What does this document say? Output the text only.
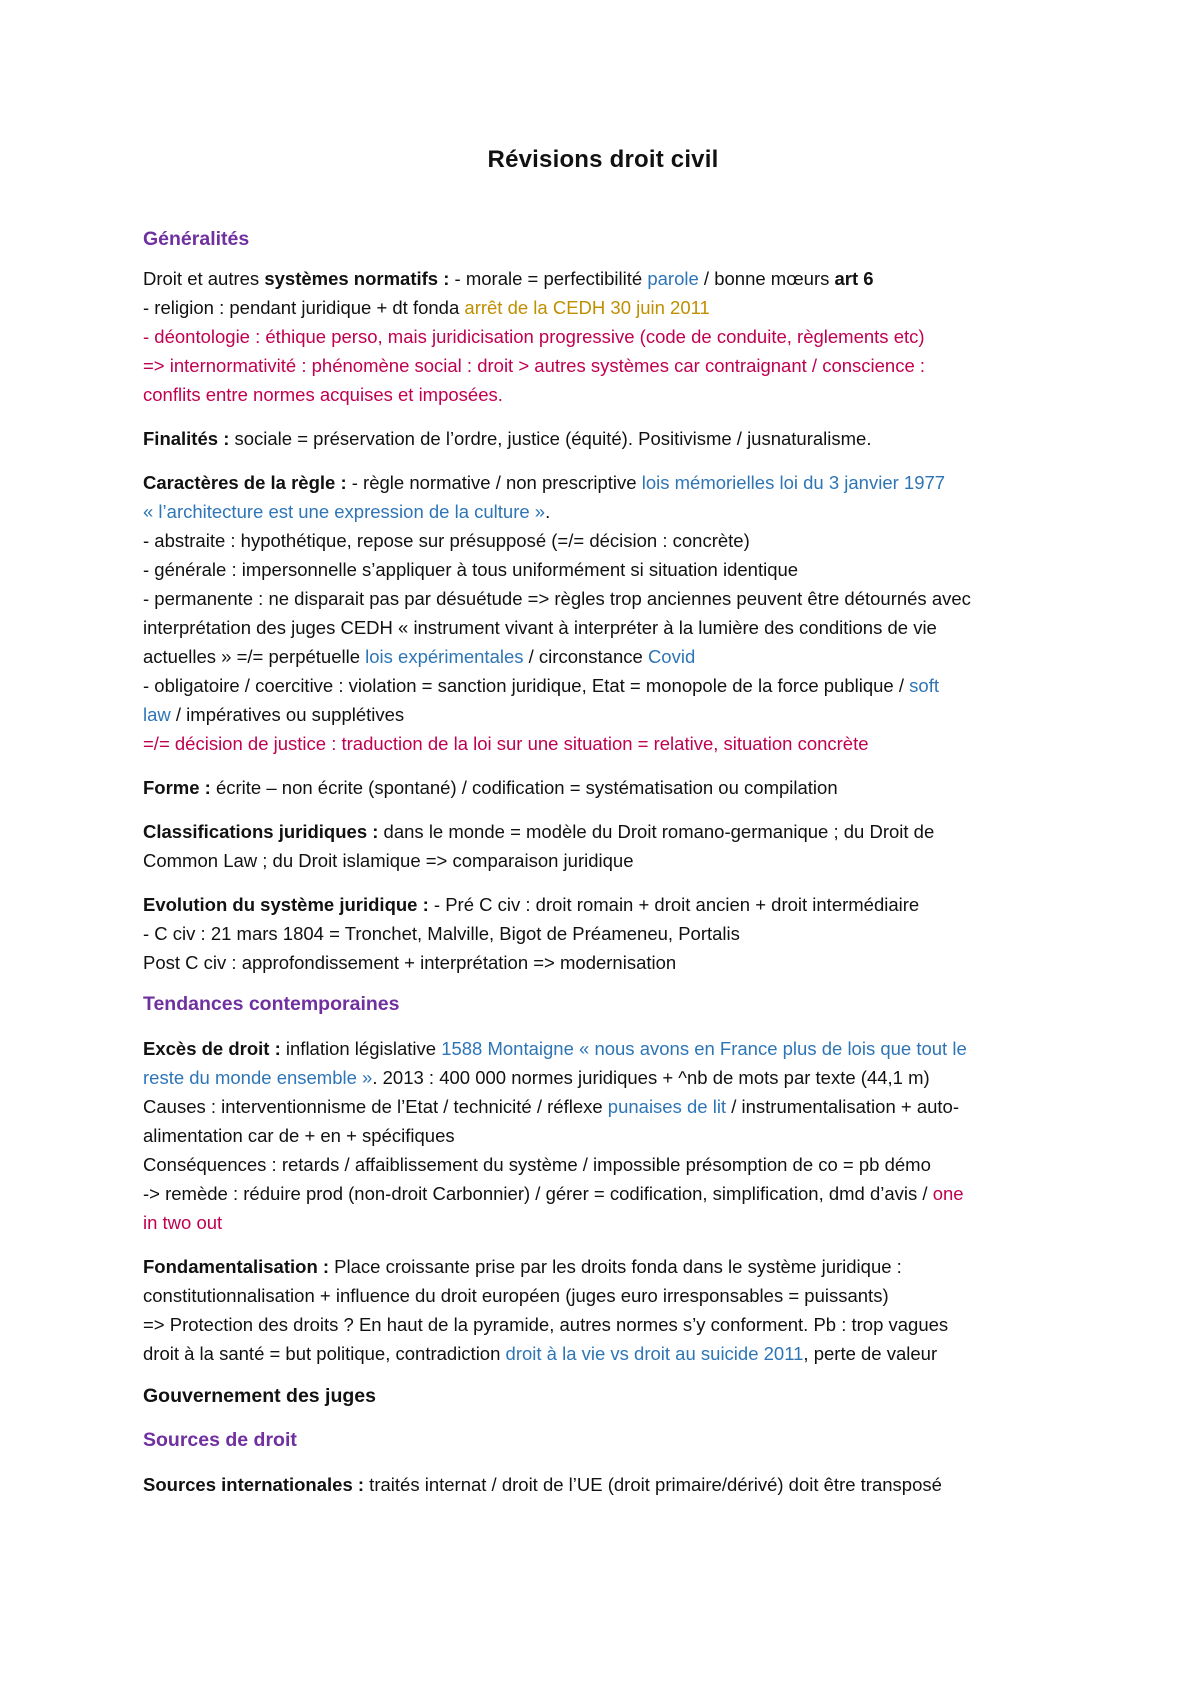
Révisions droit civil
Généralités
Droit et autres systèmes normatifs : - morale = perfectibilité parole / bonne mœurs art 6
- religion : pendant juridique + dt fonda arrêt de la CEDH 30 juin 2011
- déontologie : éthique perso, mais juridicisation progressive (code de conduite, règlements etc)
=> internormativité : phénomène social : droit > autres systèmes car contraignant / conscience :
conflits entre normes acquises et imposées.
Finalités : sociale = préservation de l’ordre, justice (équité). Positivisme / jusnaturalisme.
Caractères de la règle : - règle normative / non prescriptive lois mémorielles loi du 3 janvier 1977
« l’architecture est une expression de la culture ».
- abstraite : hypothétique, repose sur présupposé (=/= décision : concrète)
- générale : impersonnelle s’appliquer à tous uniformément si situation identique
- permanente : ne disparait pas par désuétude => règles trop anciennes peuvent être détournés avec
interprétation des juges CEDH « instrument vivant à interpréter à la lumière des conditions de vie
actuelles » =/= perpétuelle lois expérimentales / circonstance Covid
- obligatoire / coercitive : violation = sanction juridique, Etat = monopole de la force publique / soft
law / impératives ou supplétives
=/= décision de justice : traduction de la loi sur une situation = relative, situation concrète
Forme : écrite – non écrite (spontané) / codification = systématisation ou compilation
Classifications juridiques : dans le monde = modèle du Droit romano-germanique ; du Droit de
Common Law ; du Droit islamique => comparaison juridique
Evolution du système juridique : - Pré C civ : droit romain + droit ancien + droit intermédiaire
- C civ : 21 mars 1804 = Tronchet, Malville, Bigot de Préameneu, Portalis
Post C civ : approfondissement + interprétation => modernisation
Tendances contemporaines
Excès de droit : inflation législative 1588 Montaigne « nous avons en France plus de lois que tout le
reste du monde ensemble ». 2013 : 400 000 normes juridiques + ^nb de mots par texte (44,1 m)
Causes : interventionnisme de l’Etat / technicité / réflexe punaises de lit / instrumentalisation + auto-
alimentation car de + en + spécifiques
Conséquences : retards / affaiblissement du système / impossible présomption de co = pb démo
-> remède : réduire prod (non-droit Carbonnier) / gérer = codification, simplification, dmd d’avis / one
in two out
Fondamentalisation : Place croissante prise par les droits fonda dans le système juridique :
constitutionnalisation + influence du droit européen (juges euro irresponsables = puissants)
=> Protection des droits ? En haut de la pyramide, autres normes s’y conforment. Pb : trop vagues
droit à la santé = but politique, contradiction droit à la vie vs droit au suicide 2011, perte de valeur
Gouvernement des juges
Sources de droit
Sources internationales : traités internat / droit de l’UE (droit primaire/dérivé) doit être transposé
